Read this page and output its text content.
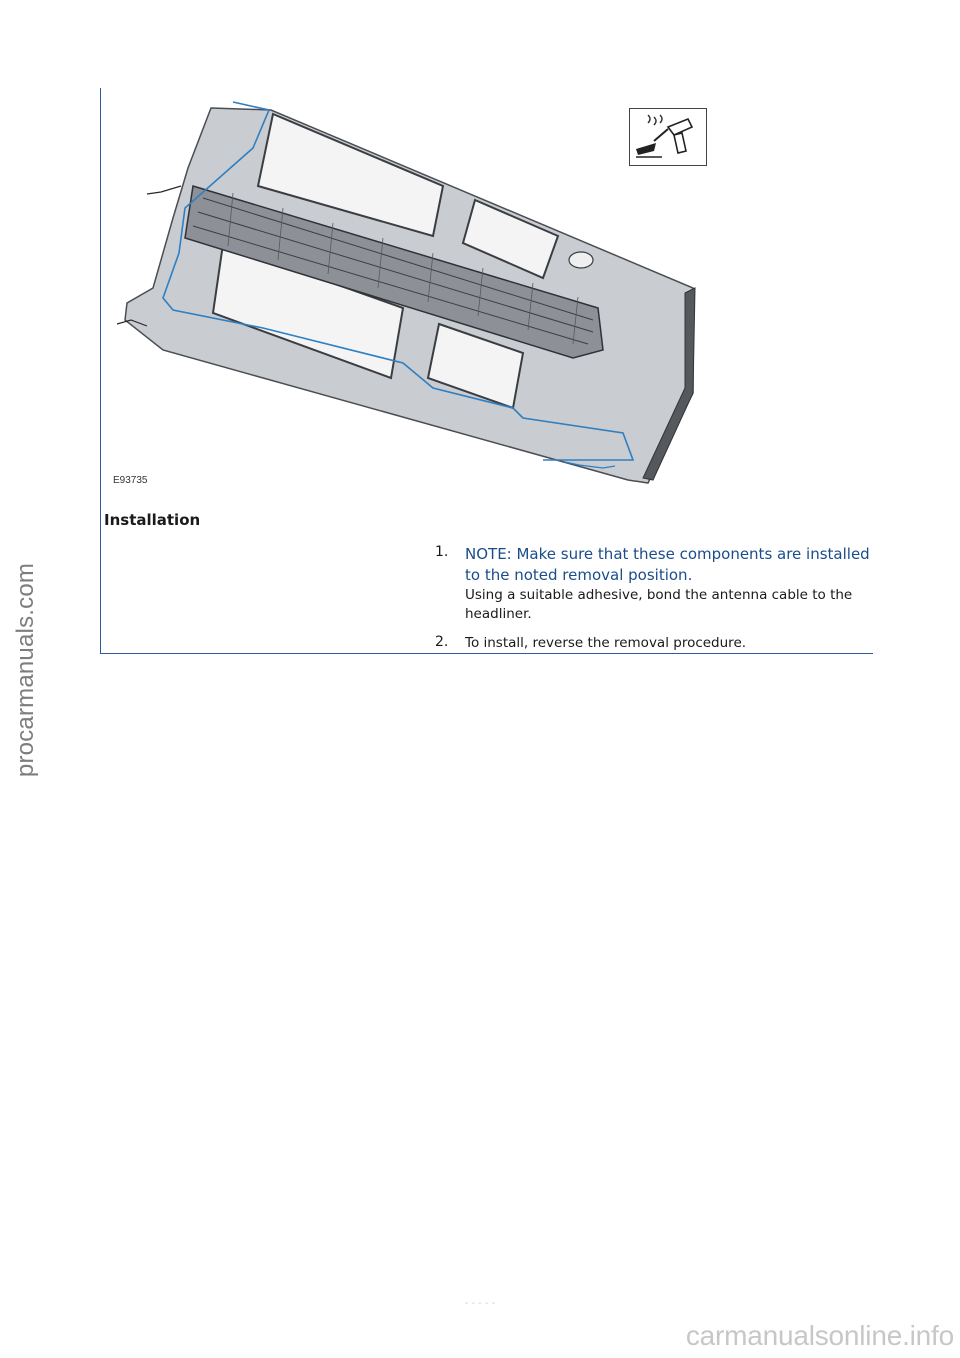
procarmanuals.com
E93735
Installation
1. NOTE: Make sure that these components are installed to the noted removal position.
Using a suitable adhesive, bond the antenna cable to the headliner.
2. To install, reverse the removal procedure.
- - - - -
carmanualsonline.info
